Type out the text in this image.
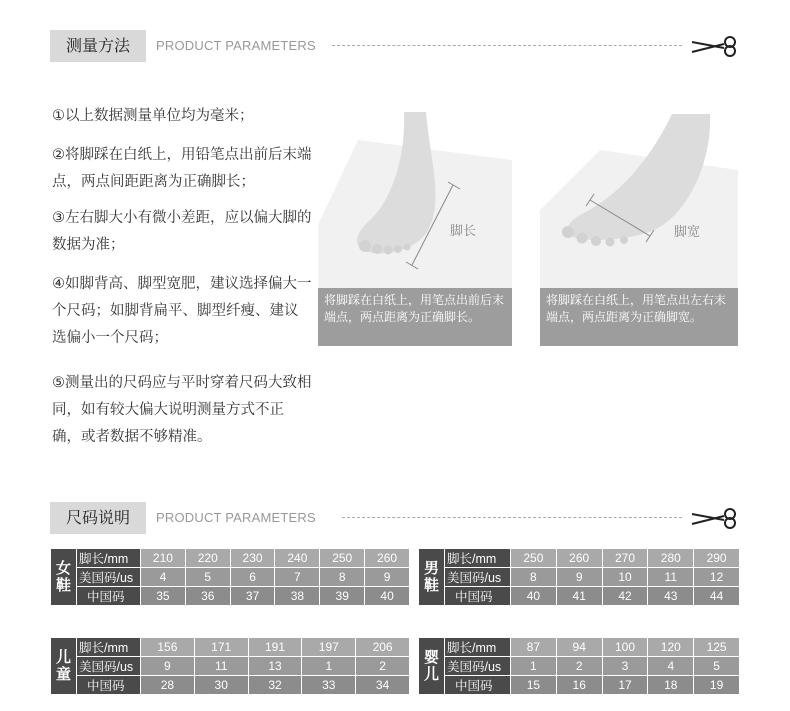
测量方法	PRODUCT PARAMETERS
①以上数据测量单位均为毫米；
②将脚踩在白纸上，用铅笔点出前后末端点，两点间距距离为正确脚长；
③左右脚大小有微小差距，应以偏大脚的数据为准；
④如脚背高、脚型宽肥，建议选择偏大一个尺码；如脚背扁平、脚型纤瘦、建议选偏小一个尺码；
⑤测量出的尺码应与平时穿着尺码大致相同，如有较大偏大说明测量方式不正确，或者数据不够精准。
脚长
将脚踩在白纸上，用笔点出前后末端点，两点距离为正确脚长。
脚宽
将脚踩在白纸上，用笔点出左右末端点，两点距离为正确脚宽。
尺码说明	PRODUCT PARAMETERS
女鞋	脚长/mm	210	220	230	240	250	260
	美国码/us	4	5	6	7	8	9
	中国码	35	36	37	38	39	40
男鞋	脚长/mm	250	260	270	280	290
	美国码/us	8	9	10	11	12
	中国码	40	41	42	43	44
儿童	脚长/mm	156	171	191	197	206
	美国码/us	9	11	13	1	2
	中国码	28	30	32	33	34
婴儿	脚长/mm	87	94	100	120	125
	美国码/us	1	2	3	4	5
	中国码	15	16	17	18	19
